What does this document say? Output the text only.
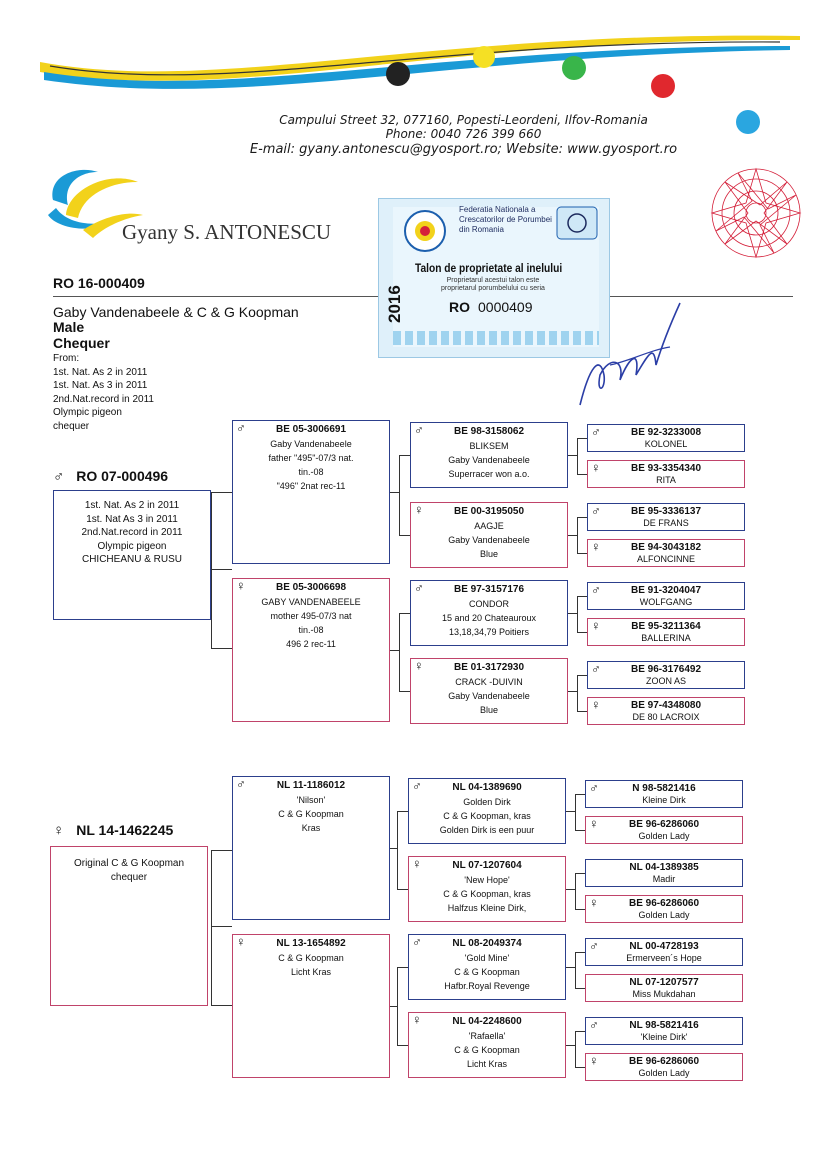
Campului Street 32, 077160, Popesti-Leordeni, Ilfov-Romania
Phone: 0040 726 399 660
E-mail: gyany.antonescu@gyosport.ro; Website: www.gyosport.ro
Gyany S. ANTONESCU
Federatia Nationala a
Crescatorilor de Porumbei
din Romania
Talon de proprietate al inelului
Proprietarul acestui talon este
proprietarul porumbelului cu seria
2016	RO 0000409
RO 16-000409
Gaby Vandenabeele & C & G Koopman
Male
Chequer
From:
1st. Nat. As 2 in 2011
1st. Nat. As 3 in 2011
2nd.Nat.record in 2011
Olympic pigeon
chequer
♂ RO 07-000496
1st. Nat. As 2 in 2011
1st. Nat As 3 in 2011
2nd.Nat.record in 2011
Olympic pigeon
CHICHEANU & RUSU
♀ NL 14-1462245
Original C & G Koopman
chequer
♂	BE 05-3006691
Gaby Vandenabeele
father "495"-07/3 nat.
tin.-08
"496" 2nat rec-11
♀	BE 05-3006698
GABY VANDENABEELE
mother 495-07/3 nat
tin.-08
496 2 rec-11
♂	NL 11-1186012
'Nilson'
C & G Koopman
Kras
♀	NL 13-1654892
C & G Koopman
Licht Kras
♂	BE 98-3158062
BLIKSEM
Gaby Vandenabeele
Superracer won a.o.
♀	BE 00-3195050
AAGJE
Gaby Vandenabeele
Blue
♂	BE 97-3157176
CONDOR
15 and 20 Chateauroux
13,18,34,79 Poitiers
♀	BE 01-3172930
CRACK -DUIVIN
Gaby Vandenabeele
Blue
♂	NL 04-1389690
Golden Dirk
C & G Koopman, kras
Golden Dirk is een puur
♀	NL 07-1207604
'New Hope'
C & G Koopman, kras
Halfzus Kleine Dirk,
♂	NL 08-2049374
'Gold Mine'
C & G Koopman
Hafbr.Royal Revenge
♀	NL 04-2248600
'Rafaella'
C & G Koopman
Licht Kras
♂	BE 92-3233008
KOLONEL
♀	BE 93-3354340
RITA
♂	BE 95-3336137
DE FRANS
♀	BE 94-3043182
ALFONCINNE
♂	BE 91-3204047
WOLFGANG
♀	BE 95-3211364
BALLERINA
♂	BE 96-3176492
ZOON AS
♀	BE 97-4348080
DE 80 LACROIX
♂	N 98-5821416
Kleine Dirk
♀	BE 96-6286060
Golden Lady
NL 04-1389385
Madir
♀	BE 96-6286060
Golden Lady
♂	NL 00-4728193
Ermerveen´s Hope
NL 07-1207577
Miss Mukdahan
♂	NL 98-5821416
'Kleine Dirk'
♀	BE 96-6286060
Golden Lady
